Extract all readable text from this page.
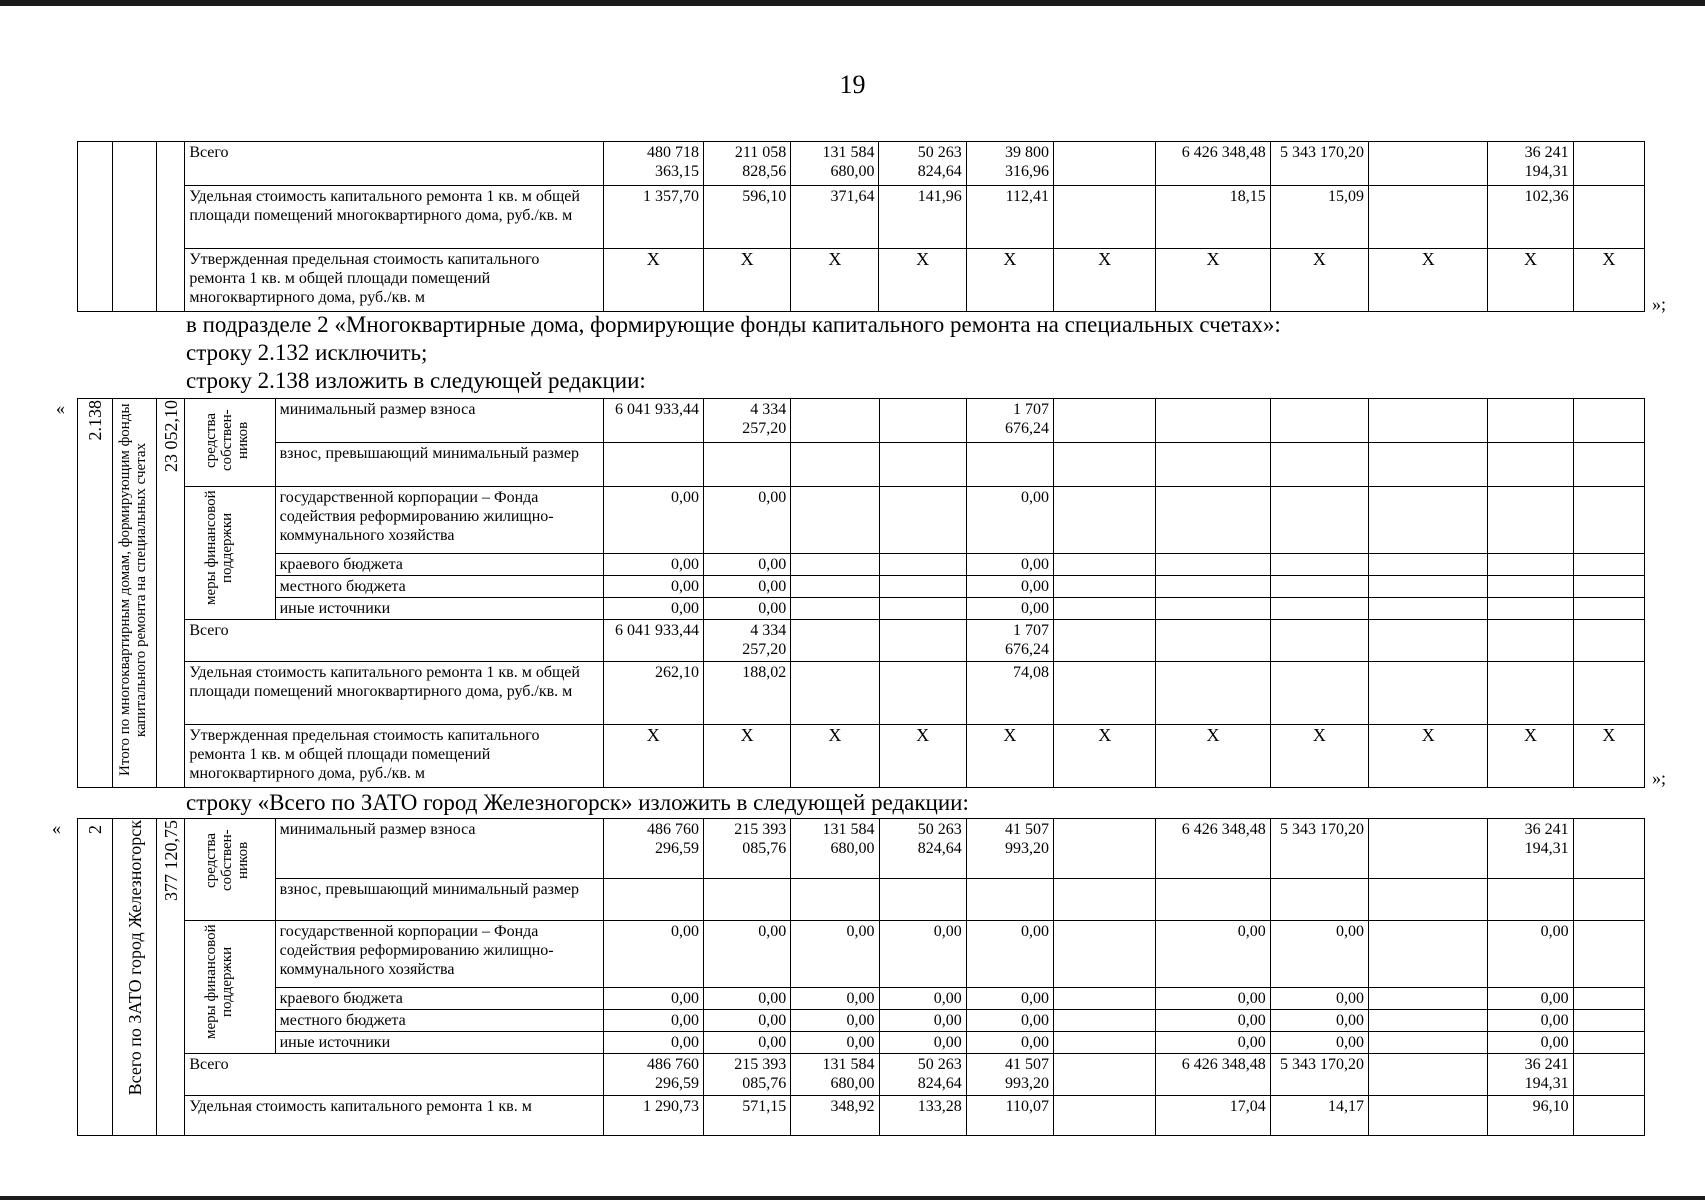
19
			Всего	480 718 363,15	211 058 828,56	131 584 680,00	50 263 824,64	39 800 316,96		6 426 348,48	5 343 170,20		36 241 194,31	
			Удельная стоимость капитального ремонта 1 кв. м общей площади помещений многоквартирного дома, руб./кв. м	1 357,70	596,10	371,64	141,96	112,41		18,15	15,09		102,36	
			Утвержденная предельная стоимость капитального ремонта 1 кв. м общей площади помещений многоквартирного дома, руб./кв. м	X	X	X	X	X	X	X	X	X	X	X
»;
в подразделе 2 «Многоквартирные дома, формирующие фонды капитального ремонта на специальных счетах»:
строку 2.132 исключить;
строку 2.138 изложить в следующей редакции:
« 2.138	Итого по многоквартирным домам, формирующим фонды капитального ремонта на специальных счетах	23 052,10	средства собствен-ников	минимальный размер взноса	6 041 933,44	4 334 257,20			1 707 676,24						
				взнос, превышающий минимальный размер											
			меры финансовой поддержки	государственной корпорации – Фонда содействия реформированию жилищно-коммунального хозяйства	0,00	0,00			0,00						
				краевого бюджета	0,00	0,00			0,00						
				местного бюджета	0,00	0,00			0,00						
				иные источники	0,00	0,00			0,00						
			Всего		6 041 933,44	4 334 257,20			1 707 676,24						
			Удельная стоимость капитального ремонта 1 кв. м общей площади помещений многоквартирного дома, руб./кв. м		262,10	188,02			74,08						
			Утвержденная предельная стоимость капитального ремонта 1 кв. м общей площади помещений многоквартирного дома, руб./кв. м		X	X	X	X	X	X	X	X	X	X	X
»;
строку «Всего по ЗАТО город Железногорск» изложить в следующей редакции:
« 2	Всего по ЗАТО город Железногорск	377 120,75	средства собствен-ников	минимальный размер взноса	486 760 296,59	215 393 085,76	131 584 680,00	50 263 824,64	41 507 993,20		6 426 348,48	5 343 170,20		36 241 194,31	
				взнос, превышающий минимальный размер											
			меры финансовой поддержки	государственной корпорации – Фонда содействия реформированию жилищно-коммунального хозяйства	0,00	0,00	0,00	0,00	0,00		0,00	0,00		0,00	
				краевого бюджета	0,00	0,00	0,00	0,00	0,00		0,00	0,00		0,00	
				местного бюджета	0,00	0,00	0,00	0,00	0,00		0,00	0,00		0,00	
				иные источники	0,00	0,00	0,00	0,00	0,00		0,00	0,00		0,00	
			Всего		486 760 296,59	215 393 085,76	131 584 680,00	50 263 824,64	41 507 993,20		6 426 348,48	5 343 170,20		36 241 194,31	
			Удельная стоимость капитального ремонта 1 кв. м		1 290,73	571,15	348,92	133,28	110,07		17,04	14,17		96,10	
